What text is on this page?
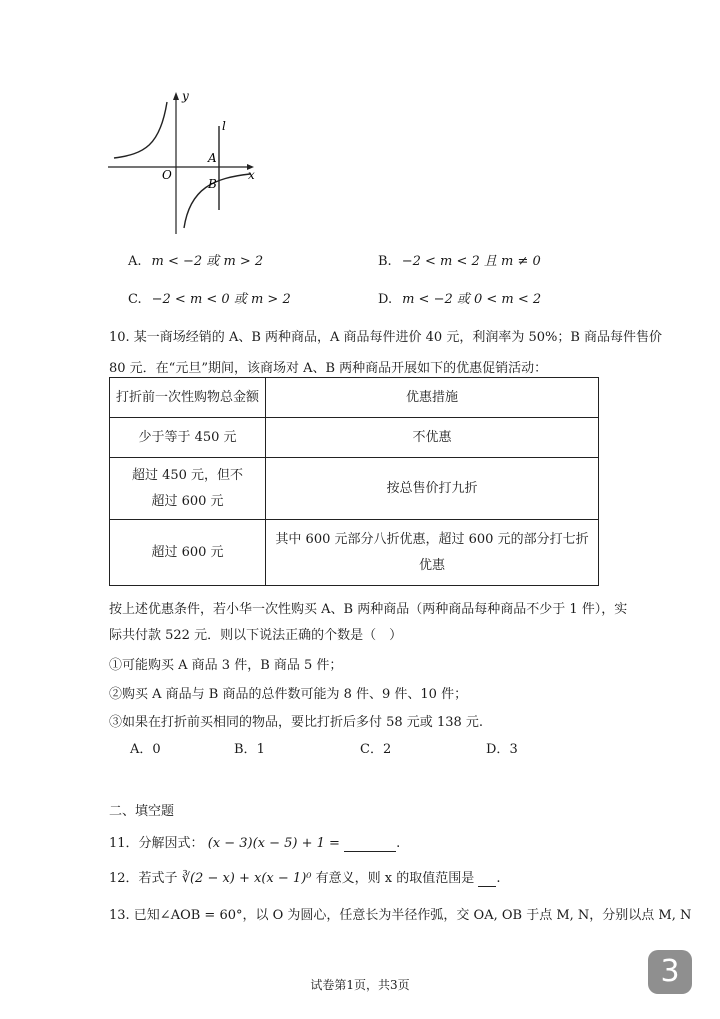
y
x
O
l
A
B
A. m < −2 或 m > 2	B. −2 < m < 2 且 m ≠ 0
C. −2 < m < 0 或 m > 2	D. m < −2 或 0 < m < 2
10. 某一商场经销的 A、B 两种商品，A 商品每件进价 40 元，利润率为 50%；B 商品每件售价
80 元．在“元旦”期间，该商场对 A、B 两种商品开展如下的优惠促销活动：
打折前一次性购物总金额	优惠措施
少于等于 450 元	不优惠
超过 450 元，但不超过 600 元	按总售价打九折
超过 600 元	其中 600 元部分八折优惠，超过 600 元的部分打七折优惠
按上述优惠条件，若小华一次性购买 A、B 两种商品（两种商品每种商品不少于 1 件），实
际共付款 522 元．则以下说法正确的个数是（　）
①可能购买 A 商品 3 件，B 商品 5 件；
②购买 A 商品与 B 商品的总件数可能为 8 件、9 件、10 件；
③如果在打折前买相同的物品，要比打折后多付 58 元或 138 元.
A．0	B．1	C．2	D．3
二、填空题
11．分解因式： (x − 3)(x − 5) + 1 =	.
12．若式子 ∛(2 − x) + x(x − 1)⁰ 有意义，则 x 的取值范围是 .
13. 已知∠AOB = 60°，以 O 为圆心，任意长为半径作弧，交 OA, OB 于点 M, N，分别以点 M, N
3
试卷第1页，共3页
